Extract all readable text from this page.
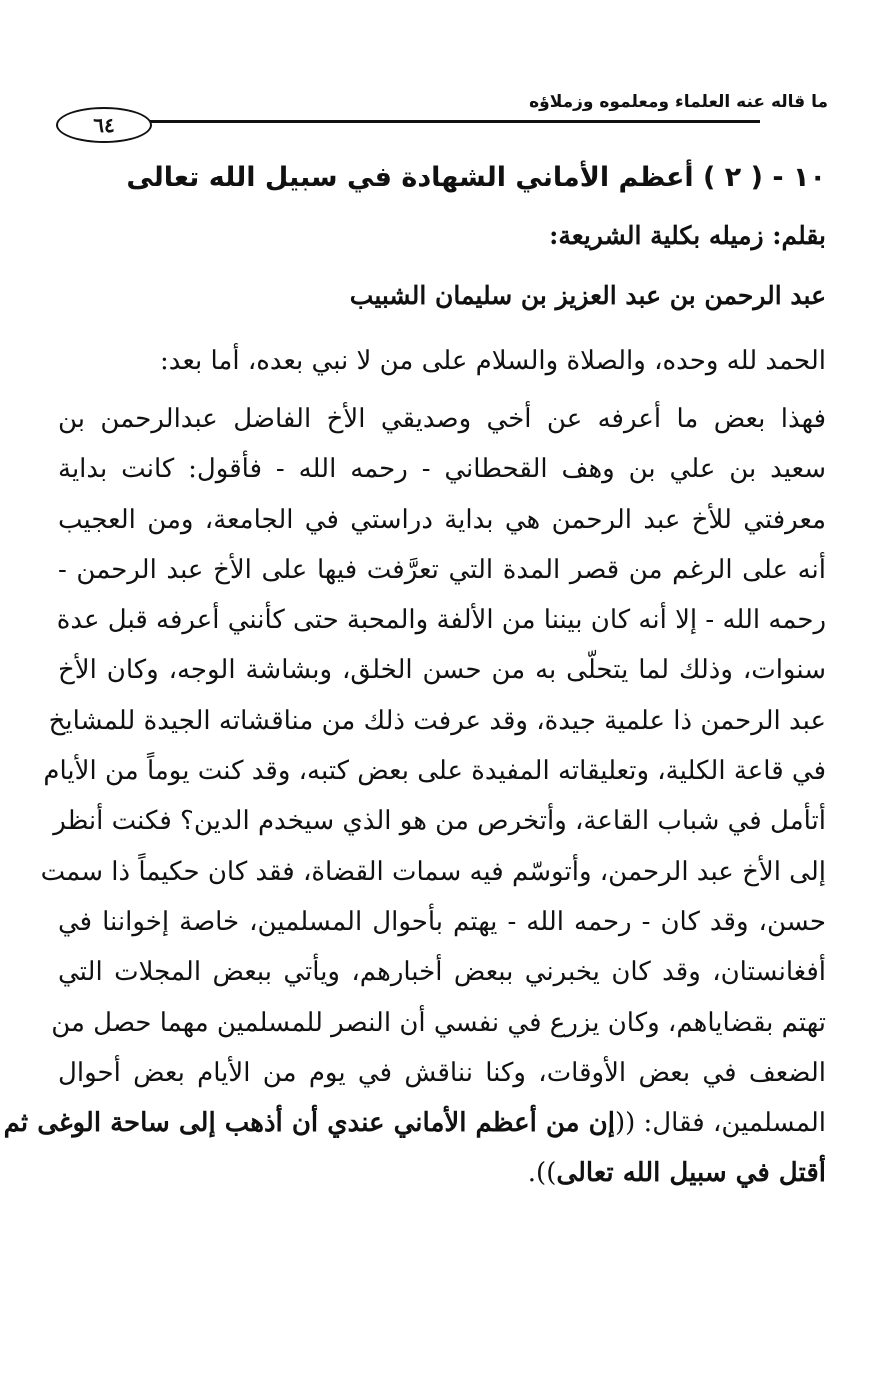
ما قاله عنه العلماء ومعلموه وزملاؤه
٦٤
١٠ - ( ٢ ) أعظم الأماني الشهادة في سبيل الله تعالى
بقلم: زميله بكلية الشريعة:
عبد الرحمن بن عبد العزيز بن سليمان الشبيب
الحمد لله وحده، والصلاة والسلام على من لا نبي بعده، أما بعد:
فهذا بعض ما أعرفه عن أخي وصديقي الأخ الفاضل عبدالرحمن بن
سعيد بن علي بن وهف القحطاني - رحمه الله - فأقول: كانت بداية
معرفتي للأخ عبد الرحمن هي بداية دراستي في الجامعة، ومن العجيب
أنه على الرغم من قصر المدة التي تعرَّفت فيها على الأخ عبد الرحمن -
رحمه الله - إلا أنه كان بيننا من الألفة والمحبة حتى كأنني أعرفه قبل عدة
سنوات، وذلك لما يتحلّى به من حسن الخلق، وبشاشة الوجه، وكان الأخ
عبد الرحمن ذا علمية جيدة، وقد عرفت ذلك من مناقشاته الجيدة للمشايخ
في قاعة الكلية، وتعليقاته المفيدة على بعض كتبه، وقد كنت يوماً من الأيام
أتأمل في شباب القاعة، وأتخرص من هو الذي سيخدم الدين؟ فكنت أنظر
إلى الأخ عبد الرحمن، وأتوسّم فيه سمات القضاة، فقد كان حكيماً ذا سمت
حسن، وقد كان - رحمه الله - يهتم بأحوال المسلمين، خاصة إخواننا في
أفغانستان، وقد كان يخبرني ببعض أخبارهم، ويأتي ببعض المجلات التي
تهتم بقضاياهم، وكان يزرع في نفسي أن النصر للمسلمين مهما حصل من
الضعف في بعض الأوقات، وكنا نناقش في يوم من الأيام بعض أحوال
المسلمين، فقال: ((إن من أعظم الأماني عندي أن أذهب إلى ساحة الوغى ثم
أقتل في سبيل الله تعالى)).
